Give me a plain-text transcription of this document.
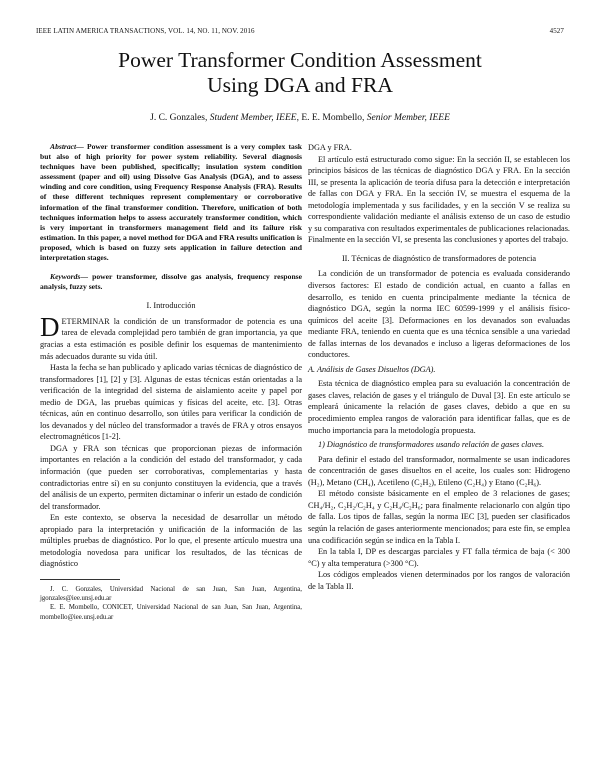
IEEE LATIN AMERICA TRANSACTIONS, VOL. 14, NO. 11, NOV. 2016	4527
Power Transformer Condition Assessment
Using DGA and FRA
J. C. Gonzales, Student Member, IEEE, E. E. Mombello, Senior Member, IEEE

Abstract— Power transformer condition assessment is a very complex task but also of high priority for power system reliability. Several diagnosis techniques have been published, specifically; insulation system condition assessment (paper and oil) using Dissolve Gas Analysis (DGA), and to assess winding and core condition, using Frequency Response Analysis (FRA). Results of these different techniques represent complementary or corroborative information of the final transformer condition. Therefore, unification of both techniques information helps to assess accurately transformer condition, which is very important in transformers management field and its failure risk estimation. In this paper, a novel method for DGA and FRA results unification is proposed, which is based on fuzzy sets application in failure detection and interpretation stages.

Keywords— power transformer, dissolve gas analysis, frequency response analysis, fuzzy sets.

I. Introducción

DETERMINAR la condición de un transformador de potencia es una tarea de elevada complejidad pero también de gran importancia, ya que gracias a esta estimación es posible definir los esquemas de mantenimiento más adecuados durante su vida útil.

Hasta la fecha se han publicado y aplicado varias técnicas de diagnóstico de transformadores [1], [2] y [3]. Algunas de estas técnicas están orientadas a la verificación de la integridad del sistema de aislamiento aceite y papel por medio de DGA, las pruebas químicas y físicas del aceite, etc. [3]. Otras técnicas, aún en continuo desarrollo, son útiles para verificar la condición de los devanados y del núcleo del transformador a través de FRA y otros ensayos electromagnéticos [1-2].

DGA y FRA son técnicas que proporcionan piezas de información importantes en relación a la condición del estado del transformador, y cada información (que pueden ser corroborativas, complementarias y hasta contradictorias entre sí) en su conjunto constituyen la evidencia, que a través del análisis de un experto, permiten dictaminar o inferir un estado de condición del transformador.

En este contexto, se observa la necesidad de desarrollar un método apropiado para la interpretación y unificación de la información de las múltiples pruebas de diagnóstico. Por lo que, el presente artículo muestra una metodología novedosa para unificar los resultados, de las técnicas de diagnóstico

J. C. Gonzales, Universidad Nacional de san Juan, San Juan, Argentina, jgonzales@iee.unsj.edu.ar

E. E. Mombello, CONICET, Universidad Nacional de san Juan, San Juan, Argentina, mombello@iee.unsj.edu.ar

DGA y FRA.

El artículo está estructurado como sigue: En la sección II, se establecen los principios básicos de las técnicas de diagnóstico DGA y FRA. En la sección III, se presenta la aplicación de teoría difusa para la detección e interpretación de fallas con DGA y FRA. En la sección IV, se muestra el esquema de la metodología implementada y sus facilidades, y en la sección V se realiza su correspondiente validación mediante el análisis extenso de un caso de estudio y su comparativa con resultados experimentales de publicaciones relacionadas. Finalmente en la sección VI, se presenta las conclusiones y aportes del trabajo.

II. Técnicas de diagnóstico de transformadores de potencia

La condición de un transformador de potencia es evaluada considerando diversos factores: El estado de condición actual, en cuanto a fallas en desarrollo, es tenido en cuenta principalmente mediante la técnica de diagnóstico DGA, según la norma IEC 60599-1999 y el análisis físico-químicos del aceite [3]. Deformaciones en los devanados son evaluadas mediante FRA, teniendo en cuenta que es una técnica sensible a una variedad de fallas internas de los devanados e incluso a ligeras deformaciones de los conductores.

A. Análisis de Gases Disueltos (DGA).

Esta técnica de diagnóstico emplea para su evaluación la concentración de gases claves, relación de gases y el triángulo de Duval [3]. En este artículo se empleará únicamente la relación de gases claves, debido a que en su procedimiento emplea rangos de valoración para identificar fallas, que es de mucho importancia para la metodología propuesta.

1) Diagnóstico de transformadores usando relación de gases claves.

Para definir el estado del transformador, normalmente se usan indicadores de concentración de gases disueltos en el aceite, los cuales son: Hidrogeno (H₂), Metano (CH₄), Acetileno (C₂H₂), Etileno (C₂H₄) y Etano (C₂H₆).

El método consiste básicamente en el empleo de 3 relaciones de gases; CH₄/H₂, C₂H₂/C₂H₄ y C₂H₄/C₂H₆; para finalmente relacionarlo con algún tipo de falla. Los tipos de fallas, según la norma IEC [3], pueden ser clasificados según la relación de gases anteriormente mencionados; para este fin, se emplea una codificación según se indica en la Tabla I.

En la tabla I, DP es descargas parciales y FT falla térmica de baja (< 300 °C) y alta temperatura (>300 °C).

Los códigos empleados vienen determinados por los rangos de valoración de la Tabla II.
